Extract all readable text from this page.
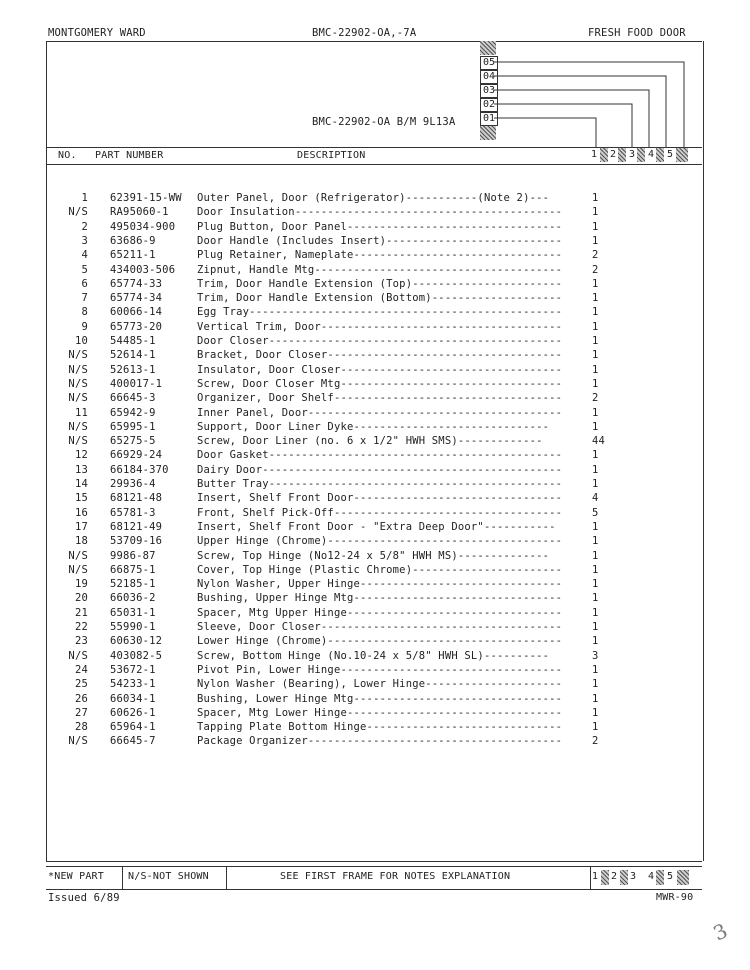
MONTGOMERY WARD	BMC-22902-OA,-7A	FRESH FOOD DOOR
BMC-22902-OA B/M 9L13A
05
04
03
02
01
NO. PART NUMBER	DESCRIPTION	1 2 3 4 5
1 62391-15-WW Outer Panel, Door (Refrigerator)-----------(Note 2)---	1
N/S RA95060-1	Door Insulation-----------------------------------------	1
2 495034-900 Plug Button, Door Panel---------------------------------	1
3 63686-9	Door Handle (Includes Insert)---------------------------	1
4 65211-1	Plug Retainer, Nameplate--------------------------------	2
5 434003-506 Zipnut, Handle Mtg--------------------------------------	2
6 65774-33	Trim, Door Handle Extension (Top)-----------------------	1
7 65774-34	Trim, Door Handle Extension (Bottom)--------------------	1
8 60066-14	Egg Tray------------------------------------------------	1
9 65773-20	Vertical Trim, Door-------------------------------------	1
10 54485-1	Door Closer---------------------------------------------	1
N/S 52614-1	Bracket, Door Closer------------------------------------	1
N/S 52613-1	Insulator, Door Closer----------------------------------	1
N/S 400017-1	Screw, Door Closer Mtg----------------------------------	1
N/S 66645-3	Organizer, Door Shelf-----------------------------------	2
11 65942-9	Inner Panel, Door---------------------------------------	1
N/S 65995-1	Support, Door Liner Dyke------------------------------	1
N/S 65275-5	Screw, Door Liner (no. 6 x 1/2" HWH SMS)-------------	44
12 66929-24	Door Gasket---------------------------------------------	1
13 66184-370	Dairy Door----------------------------------------------	1
14 29936-4	Butter Tray---------------------------------------------	1
15 68121-48	Insert, Shelf Front Door--------------------------------	4
16 65781-3	Front, Shelf Pick-Off-----------------------------------	5
17 68121-49	Insert, Shelf Front Door - "Extra Deep Door"-----------	1
18 53709-16	Upper Hinge (Chrome)------------------------------------	1
N/S 9986-87	Screw, Top Hinge (No12-24 x 5/8" HWH MS)--------------	1
N/S 66875-1	Cover, Top Hinge (Plastic Chrome)-----------------------	1
19 52185-1	Nylon Washer, Upper Hinge-------------------------------	1
20 66036-2	Bushing, Upper Hinge Mtg--------------------------------	1
21 65031-1	Spacer, Mtg Upper Hinge---------------------------------	1
22 55990-1	Sleeve, Door Closer-------------------------------------	1
23 60630-12	Lower Hinge (Chrome)------------------------------------	1
N/S 403082-5	Screw, Bottom Hinge (No.10-24 x 5/8" HWH SL)----------	3
24 53672-1	Pivot Pin, Lower Hinge----------------------------------	1
25 54233-1	Nylon Washer (Bearing), Lower Hinge---------------------	1
26 66034-1	Bushing, Lower Hinge Mtg--------------------------------	1
27 60626-1	Spacer, Mtg Lower Hinge---------------------------------	1
28 65964-1	Tapping Plate Bottom Hinge------------------------------	1
N/S 66645-7	Package Organizer---------------------------------------	2
*NEW PART N/S-NOT SHOWN	SEE FIRST FRAME FOR NOTES EXPLANATION	1 2 3 4 5
Issued 6/89	MWR-90
3
